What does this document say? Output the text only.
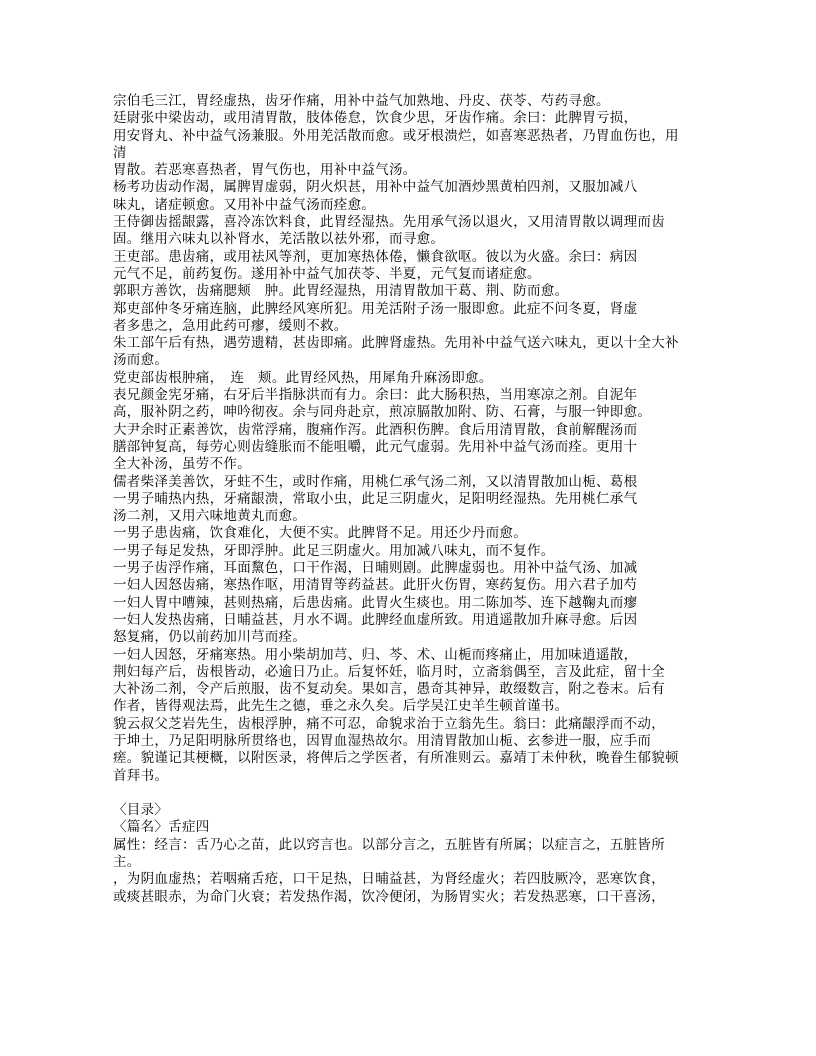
宗伯毛三江，胃经虚热，齿牙作痛，用补中益气加熟地、丹皮、茯苓、芍药寻愈。
廷尉张中梁齿动，或用清胃散，肢体倦怠，饮食少思，牙齿作痛。余曰：此脾胃亏损，
用安肾丸、补中益气汤兼服。外用羌活散而愈。或牙根溃烂，如喜寒恶热者，乃胃血伤也，用
清
胃散。若恶寒喜热者，胃气伤也，用补中益气汤。
杨考功齿动作渴，属脾胃虚弱，阴火炽甚，用补中益气加酒炒黑黄柏四剂，又服加减八
味丸，诸症顿愈。又用补中益气汤而痊愈。
王侍御齿摇龈露，喜冷冻饮料食，此胃经湿热。先用承气汤以退火，又用清胃散以调理而齿
固。继用六味丸以补肾水，羌活散以祛外邪，而寻愈。
王吏部。患齿痛，或用祛风等剂，更加寒热体倦，懒食欲呕。彼以为火盛。余曰：病因
元气不足，前药复伤。遂用补中益气加茯苓、半夏，元气复而诸症愈。
郭职方善饮，齿痛腮颊　肿。此胃经湿热，用清胃散加干葛、荆、防而愈。
郑吏部仲冬牙痛连脑，此脾经风寒所犯。用羌活附子汤一服即愈。此症不问冬夏，肾虚
者多患之，急用此药可瘳，缓则不救。
朱工部午后有热，遇劳遗精，甚齿即痛。此脾肾虚热。先用补中益气送六味丸，更以十全大补
汤而愈。
党吏部齿根肿痛，　连　颊。此胃经风热，用犀角升麻汤即愈。
表兄颜金宪牙痛，右牙后半指脉洪而有力。余曰：此大肠积热，当用寒凉之剂。自泥年
高，服补阴之药，呻吟彻夜。余与同舟赴京，煎凉膈散加附、防、石膏，与服一钟即愈。
大尹余时正素善饮，齿常浮痛，腹痛作泻。此酒积伤脾。食后用清胃散，食前解醒汤而
膳部钟复高，每劳心则齿缝胀而不能咀嚼，此元气虚弱。先用补中益气汤而痊。更用十
全大补汤，虽劳不作。
儒者柴泽美善饮，牙蛀不生，或时作痛，用桃仁承气汤二剂，又以清胃散加山栀、葛根
一男子晡热内热，牙痛龈溃，常取小虫，此足三阴虚火，足阳明经湿热。先用桃仁承气
汤二剂，又用六味地黄丸而愈。
一男子患齿痛，饮食难化，大便不实。此脾肾不足。用还少丹而愈。
一男子每足发热，牙即浮肿。此足三阴虚火。用加减八味丸，而不复作。
一男子齿浮作痛，耳面黧色，口干作渴，日晡则剧。此脾虚弱也。用补中益气汤、加减
一妇人因怒齿痛，寒热作呕，用清胃等药益甚。此肝火伤胃，寒药复伤。用六君子加芍
一妇人胃中嘈辣，甚则热痛，后患齿痛。此胃火生痰也。用二陈加芩、连下越鞠丸而瘳
一妇人发热齿痛，日晡益甚，月水不调。此脾经血虚所致。用逍遥散加升麻寻愈。后因
怒复痛，仍以前药加川芎而痊。
一妇人因怒，牙痛寒热。用小柴胡加芎、归、芩、术、山栀而疼痛止，用加味逍遥散，
荆妇每产后，齿根皆动，必逾日乃止。后复怀妊，临月时，立斋翁偶至，言及此症，留十全
大补汤二剂，令产后煎服，齿不复动矣。果如言，愚奇其神异，敢缀数言，附之卷末。后有
作者，皆得观法焉，此先生之德，垂之永久矣。后学吴江史羊生顿首谨书。
貌云叔父芝岩先生，齿根浮肿，痛不可忍，命貌求治于立翁先生。翁曰：此痛龈浮而不动，
于坤土，乃足阳明脉所贯络也，因胃血湿热故尔。用清胃散加山栀、玄参进一服，应手而
瘥。貌谨记其梗概，以附医录，将俾后之学医者，有所准则云。嘉靖丁未仲秋，晚眷生郁貌顿
首拜书。
〈目录〉
〈篇名〉舌症四
属性：经言：舌乃心之苗，此以窍言也。以部分言之，五脏皆有所属；以症言之，五脏皆所
主。
，为阴血虚热；若咽痛舌疮，口干足热，日晡益甚，为肾经虚火；若四肢厥冷，恶寒饮食，
或痰甚眼赤，为命门火衰；若发热作渴，饮冷便闭，为肠胃实火；若发热恶寒，口干喜汤，
